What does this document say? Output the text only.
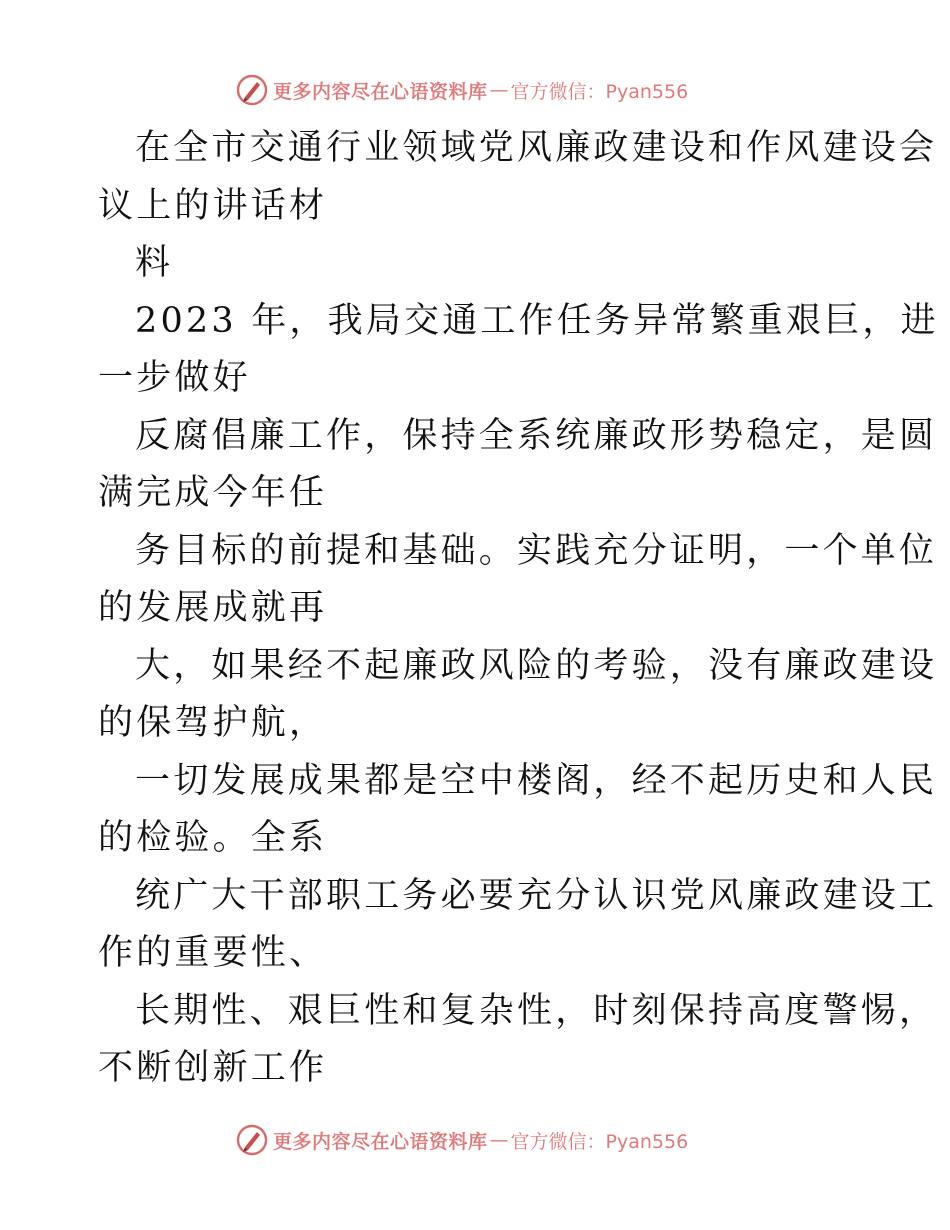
更多内容尽在心语资料库 — 官方微信：Pyan556
在全市交通行业领域党风廉政建设和作风建设会
议上的讲话材
料
2023 年，我局交通工作任务异常繁重艰巨，进
一步做好
反腐倡廉工作，保持全系统廉政形势稳定，是圆
满完成今年任
务目标的前提和基础。实践充分证明，一个单位
的发展成就再
大，如果经不起廉政风险的考验，没有廉政建设
的保驾护航，
一切发展成果都是空中楼阁，经不起历史和人民
的检验。全系
统广大干部职工务必要充分认识党风廉政建设工
作的重要性、
长期性、艰巨性和复杂性，时刻保持高度警惕，
不断创新工作
更多内容尽在心语资料库 — 官方微信：Pyan556
